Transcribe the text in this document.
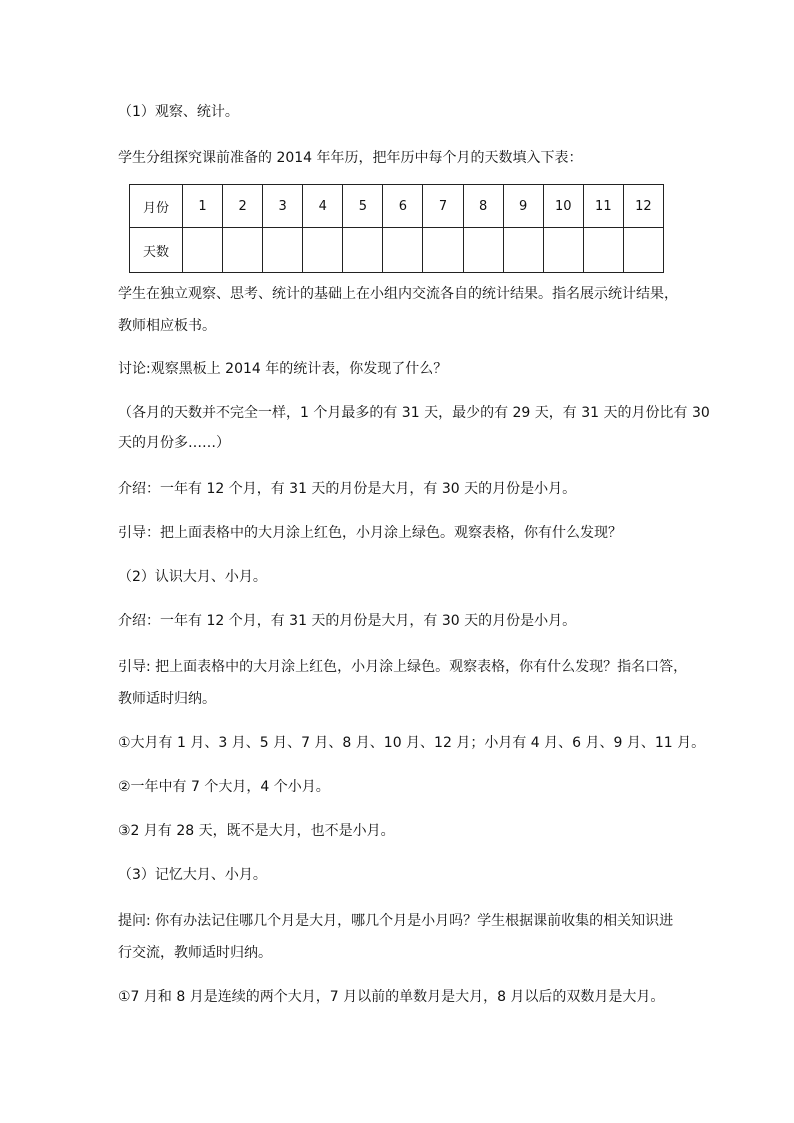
（1）观察、统计。
学生分组探究课前准备的 2014 年年历，把年历中每个月的天数填入下表：
月份	1	2	3	4	5	6	7	8	9	10	11	12
天数												
学生在独立观察、思考、统计的基础上在小组内交流各自的统计结果。指名展示统计结果，
教师相应板书。
讨论:观察黑板上 2014 年的统计表，你发现了什么？
（各月的天数并不完全一样，1 个月最多的有 31 天，最少的有 29 天，有 31 天的月份比有 30
天的月份多……）
介绍：一年有 12 个月，有 31 天的月份是大月，有 30 天的月份是小月。
引导：把上面表格中的大月涂上红色，小月涂上绿色。观察表格，你有什么发现？
（2）认识大月、小月。
介绍：一年有 12 个月，有 31 天的月份是大月，有 30 天的月份是小月。
引导: 把上面表格中的大月涂上红色，小月涂上绿色。观察表格，你有什么发现？指名口答，
教师适时归纳。
①大月有 1 月、3 月、5 月、7 月、8 月、10 月、12 月；小月有 4 月、6 月、9 月、11 月。
②一年中有 7 个大月，4 个小月。
③2 月有 28 天，既不是大月，也不是小月。
（3）记忆大月、小月。
提问: 你有办法记住哪几个月是大月，哪几个月是小月吗？学生根据课前收集的相关知识进
行交流，教师适时归纳。
①7 月和 8 月是连续的两个大月，7 月以前的单数月是大月，8 月以后的双数月是大月。
